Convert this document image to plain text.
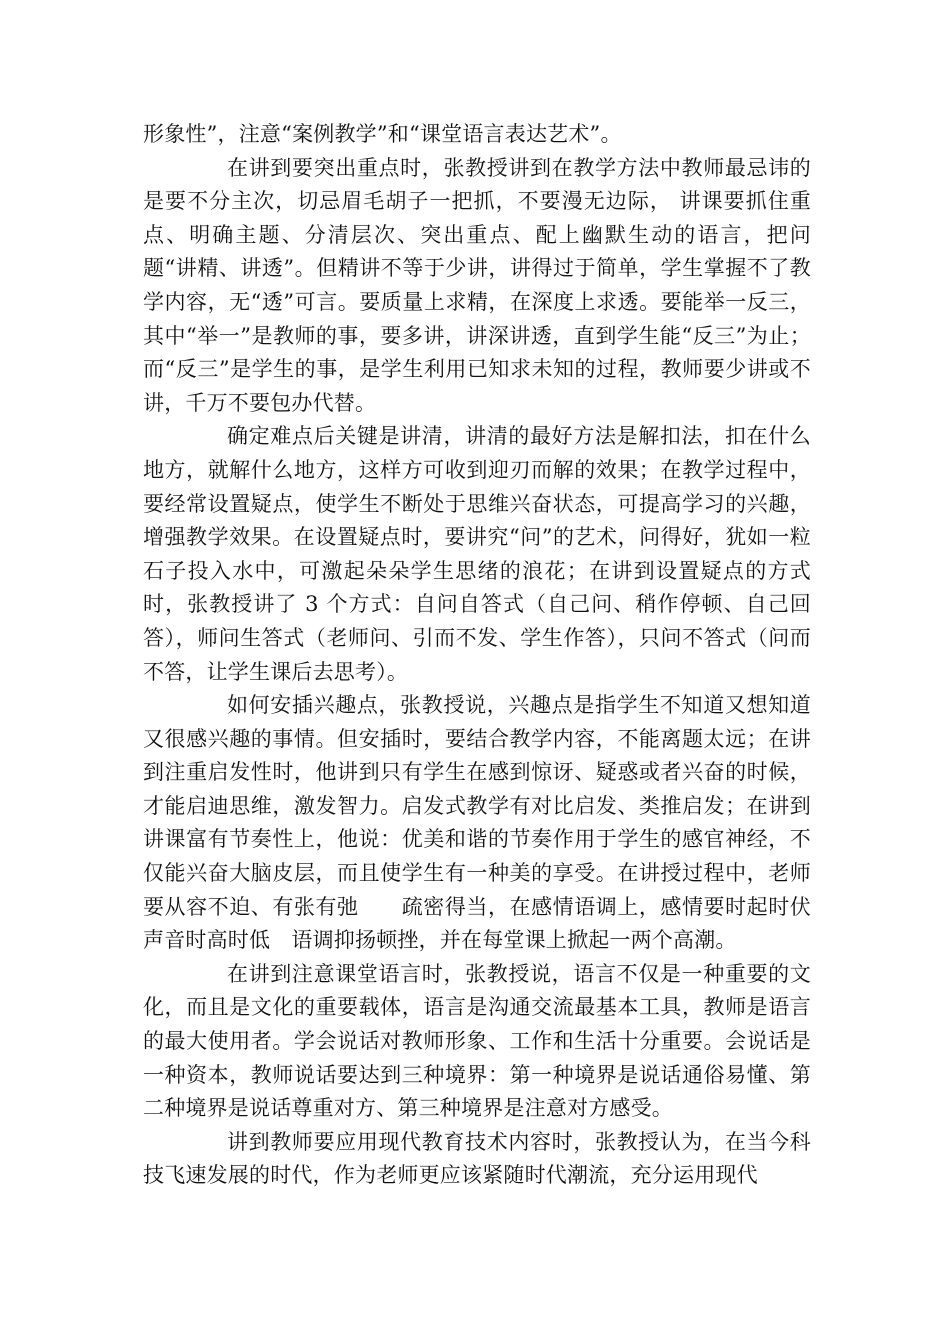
形象性”，注意“案例教学”和“课堂语言表达艺术”。

在讲到要突出重点时，张教授讲到在教学方法中教师最忌讳的是要不分主次，切忌眉毛胡子一把抓，不要漫无边际， 讲课要抓住重点、明确主题、分清层次、突出重点、配上幽默生动的语言，把问题“讲精、讲透”。但精讲不等于少讲，讲得过于简单，学生掌握不了教学内容，无“透”可言。要质量上求精，在深度上求透。要能举一反三，其中“举一”是教师的事，要多讲，讲深讲透，直到学生能“反三”为止；而“反三”是学生的事，是学生利用已知求未知的过程，教师要少讲或不讲，千万不要包办代替。

确定难点后关键是讲清，讲清的最好方法是解扣法，扣在什么地方，就解什么地方，这样方可收到迎刃而解的效果；在教学过程中，要经常设置疑点，使学生不断处于思维兴奋状态，可提高学习的兴趣，增强教学效果。在设置疑点时，要讲究“问”的艺术，问得好，犹如一粒石子投入水中，可激起朵朵学生思绪的浪花；在讲到设置疑点的方式时，张教授讲了 3 个方式：自问自答式（自己问、稍作停顿、自己回答），师问生答式（老师问、引而不发、学生作答），只问不答式（问而不答，让学生课后去思考）。

如何安插兴趣点，张教授说，兴趣点是指学生不知道又想知道又很感兴趣的事情。但安插时，要结合教学内容，不能离题太远；在讲到注重启发性时，他讲到只有学生在感到惊讶、疑惑或者兴奋的时候，才能启迪思维，激发智力。启发式教学有对比启发、类推启发；在讲到讲课富有节奏性上，他说：优美和谐的节奏作用于学生的感官神经，不仅能兴奋大脑皮层，而且使学生有一种美的享受。在讲授过程中，老师要从容不迫、有张有弛　　疏密得当，在感情语调上，感情要时起时伏　声音时高时低　语调抑扬顿挫，并在每堂课上掀起一两个高潮。

在讲到注意课堂语言时，张教授说，语言不仅是一种重要的文化，而且是文化的重要载体，语言是沟通交流最基本工具，教师是语言的最大使用者。学会说话对教师形象、工作和生活十分重要。会说话是一种资本，教师说话要达到三种境界：第一种境界是说话通俗易懂、第二种境界是说话尊重对方、第三种境界是注意对方感受。

讲到教师要应用现代教育技术内容时，张教授认为，在当今科技飞速发展的时代，作为老师更应该紧随时代潮流，充分运用现代
